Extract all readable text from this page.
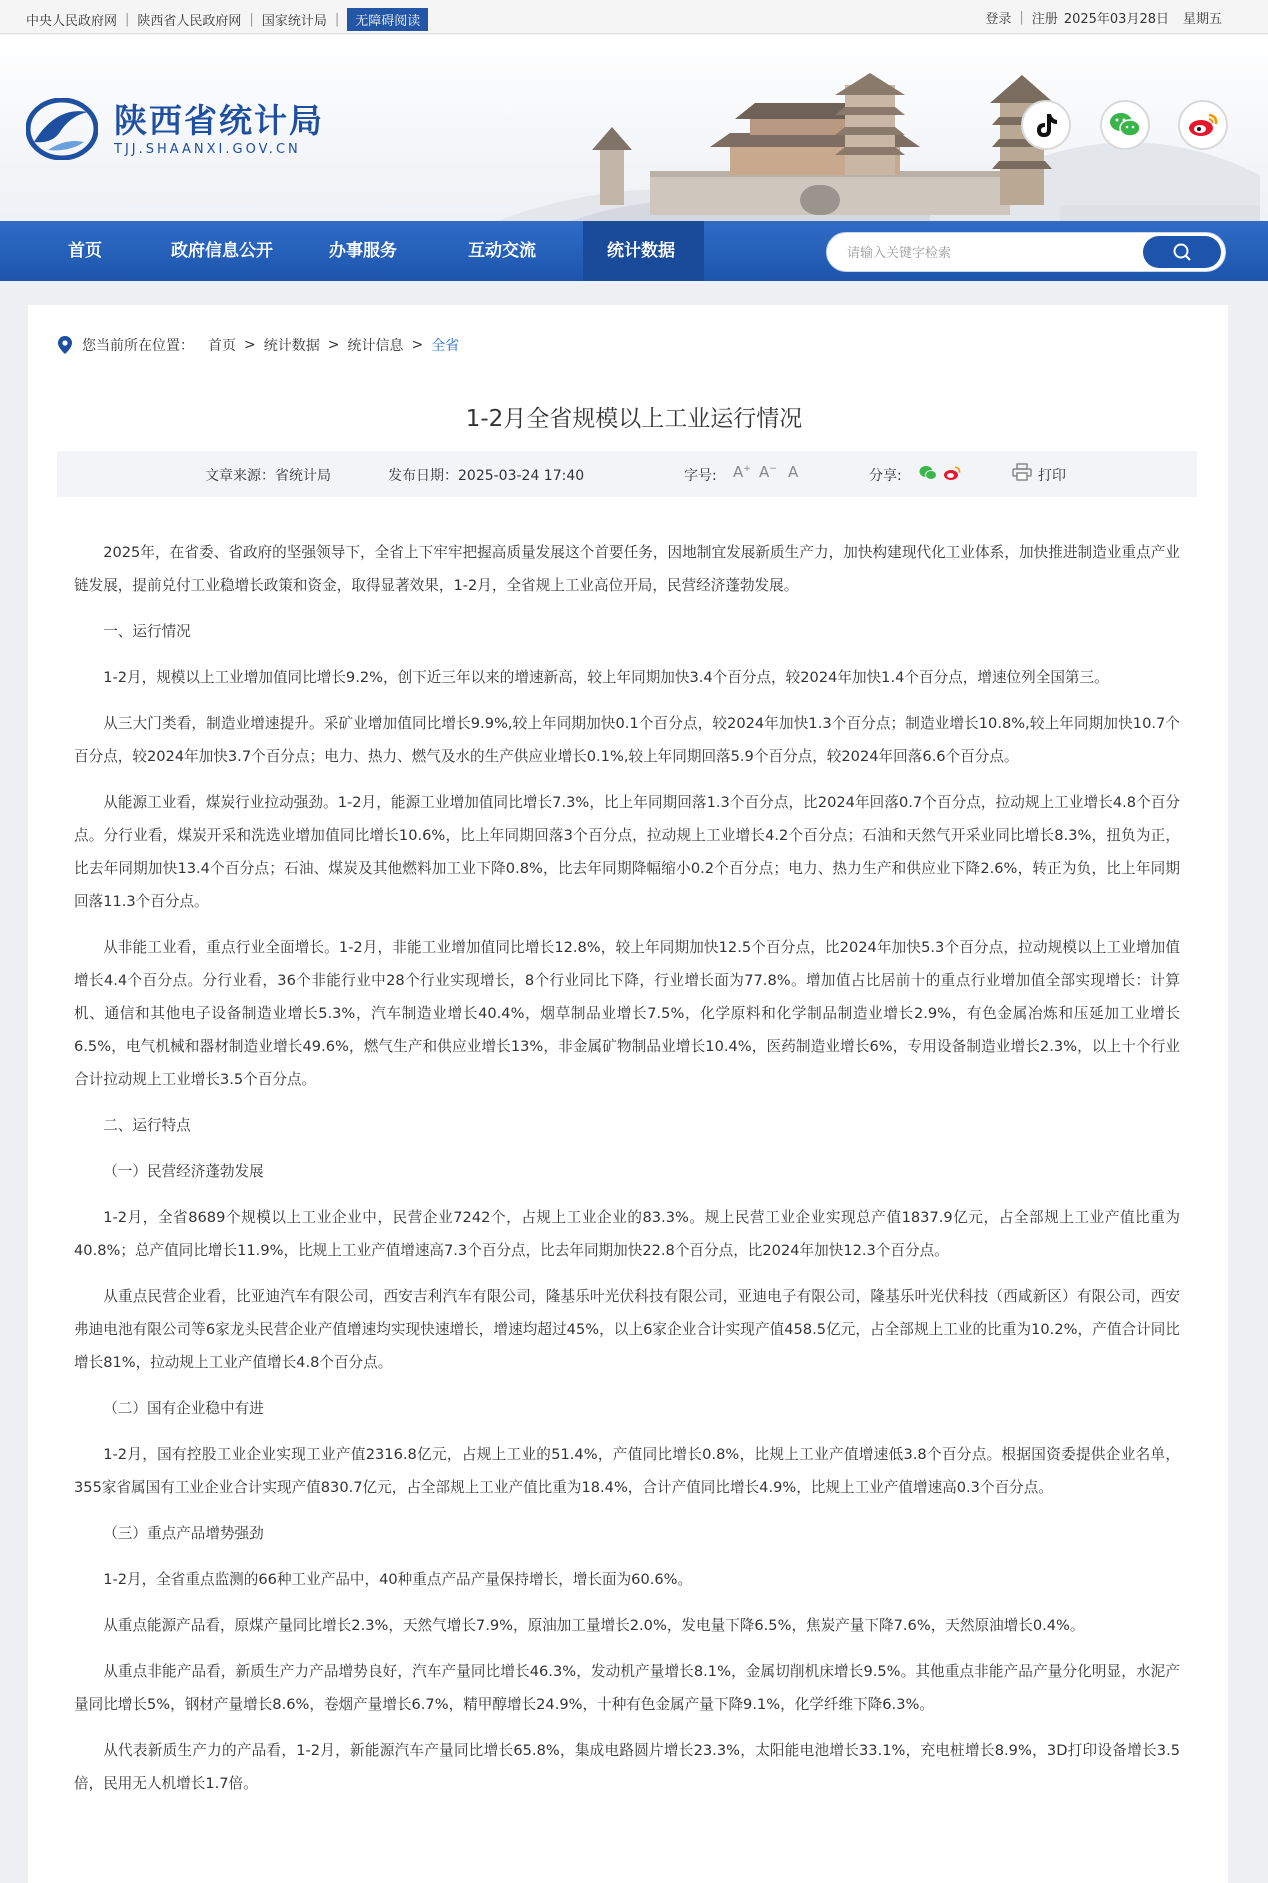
中央人民政府网 | 陕西省人民政府网 | 国家统计局 |	无障碍阅读	登录 | 注册 2025年03月28日 星期五
陕西省统计局
TJJ.SHAANXI.GOV.CN
首页	政府信息公开	办事服务	互动交流	统计数据
请输入关键字检索
您当前所在位置： 首页 > 统计数据 > 统计信息 > 全省
1-2月全省规模以上工业运行情况
文章来源：省统计局	发布日期：2025-03-24 17:40	字号: A+ A− A	分享:	打印

2025年，在省委、省政府的坚强领导下，全省上下牢牢把握高质量发展这个首要任务，因地制宜发展新质生产力，加快构建现代化工业体系，加快推进制造业重点产业链发展，提前兑付工业稳增长政策和资金，取得显著效果，1-2月，全省规上工业高位开局，民营经济蓬勃发展。

一、运行情况

1-2月，规模以上工业增加值同比增长9.2%，创下近三年以来的增速新高，较上年同期加快3.4个百分点，较2024年加快1.4个百分点，增速位列全国第三。

从三大门类看，制造业增速提升。采矿业增加值同比增长9.9%,较上年同期加快0.1个百分点，较2024年加快1.3个百分点；制造业增长10.8%,较上年同期加快10.7个百分点，较2024年加快3.7个百分点；电力、热力、燃气及水的生产供应业增长0.1%,较上年同期回落5.9个百分点，较2024年回落6.6个百分点。

从能源工业看，煤炭行业拉动强劲。1-2月，能源工业增加值同比增长7.3%，比上年同期回落1.3个百分点，比2024年回落0.7个百分点，拉动规上工业增长4.8个百分点。分行业看，煤炭开采和洗选业增加值同比增长10.6%，比上年同期回落3个百分点，拉动规上工业增长4.2个百分点；石油和天然气开采业同比增长8.3%，扭负为正，比去年同期加快13.4个百分点；石油、煤炭及其他燃料加工业下降0.8%，比去年同期降幅缩小0.2个百分点；电力、热力生产和供应业下降2.6%，转正为负，比上年同期回落11.3个百分点。

从非能工业看，重点行业全面增长。1-2月，非能工业增加值同比增长12.8%，较上年同期加快12.5个百分点，比2024年加快5.3个百分点，拉动规模以上工业增加值增长4.4个百分点。分行业看，36个非能行业中28个行业实现增长，8个行业同比下降，行业增长面为77.8%。增加值占比居前十的重点行业增加值全部实现增长：计算机、通信和其他电子设备制造业增长5.3%，汽车制造业增长40.4%，烟草制品业增长7.5%，化学原料和化学制品制造业增长2.9%，有色金属冶炼和压延加工业增长6.5%，电气机械和器材制造业增长49.6%，燃气生产和供应业增长13%，非金属矿物制品业增长10.4%，医药制造业增长6%，专用设备制造业增长2.3%，以上十个行业合计拉动规上工业增长3.5个百分点。

二、运行特点

（一）民营经济蓬勃发展

1-2月，全省8689个规模以上工业企业中，民营企业7242个，占规上工业企业的83.3%。规上民营工业企业实现总产值1837.9亿元，占全部规上工业产值比重为40.8%；总产值同比增长11.9%，比规上工业产值增速高7.3个百分点，比去年同期加快22.8个百分点，比2024年加快12.3个百分点。

从重点民营企业看，比亚迪汽车有限公司，西安吉利汽车有限公司，隆基乐叶光伏科技有限公司，亚迪电子有限公司，隆基乐叶光伏科技（西咸新区）有限公司，西安弗迪电池有限公司等6家龙头民营企业产值增速均实现快速增长，增速均超过45%，以上6家企业合计实现产值458.5亿元，占全部规上工业的比重为10.2%，产值合计同比增长81%，拉动规上工业产值增长4.8个百分点。

（二）国有企业稳中有进

1-2月，国有控股工业企业实现工业产值2316.8亿元，占规上工业的51.4%，产值同比增长0.8%，比规上工业产值增速低3.8个百分点。根据国资委提供企业名单，355家省属国有工业企业合计实现产值830.7亿元，占全部规上工业产值比重为18.4%，合计产值同比增长4.9%，比规上工业产值增速高0.3个百分点。

（三）重点产品增势强劲

1-2月，全省重点监测的66种工业产品中，40种重点产品产量保持增长，增长面为60.6%。

从重点能源产品看，原煤产量同比增长2.3%，天然气增长7.9%，原油加工量增长2.0%，发电量下降6.5%，焦炭产量下降7.6%，天然原油增长0.4%。

从重点非能产品看，新质生产力产品增势良好，汽车产量同比增长46.3%，发动机产量增长8.1%，金属切削机床增长9.5%。其他重点非能产品产量分化明显，水泥产量同比增长5%，钢材产量增长8.6%，卷烟产量增长6.7%，精甲醇增长24.9%，十种有色金属产量下降9.1%，化学纤维下降6.3%。

从代表新质生产力的产品看，1-2月，新能源汽车产量同比增长65.8%，集成电路圆片增长23.3%，太阳能电池增长33.1%，充电桩增长8.9%，3D打印设备增长3.5倍，民用无人机增长1.7倍。
